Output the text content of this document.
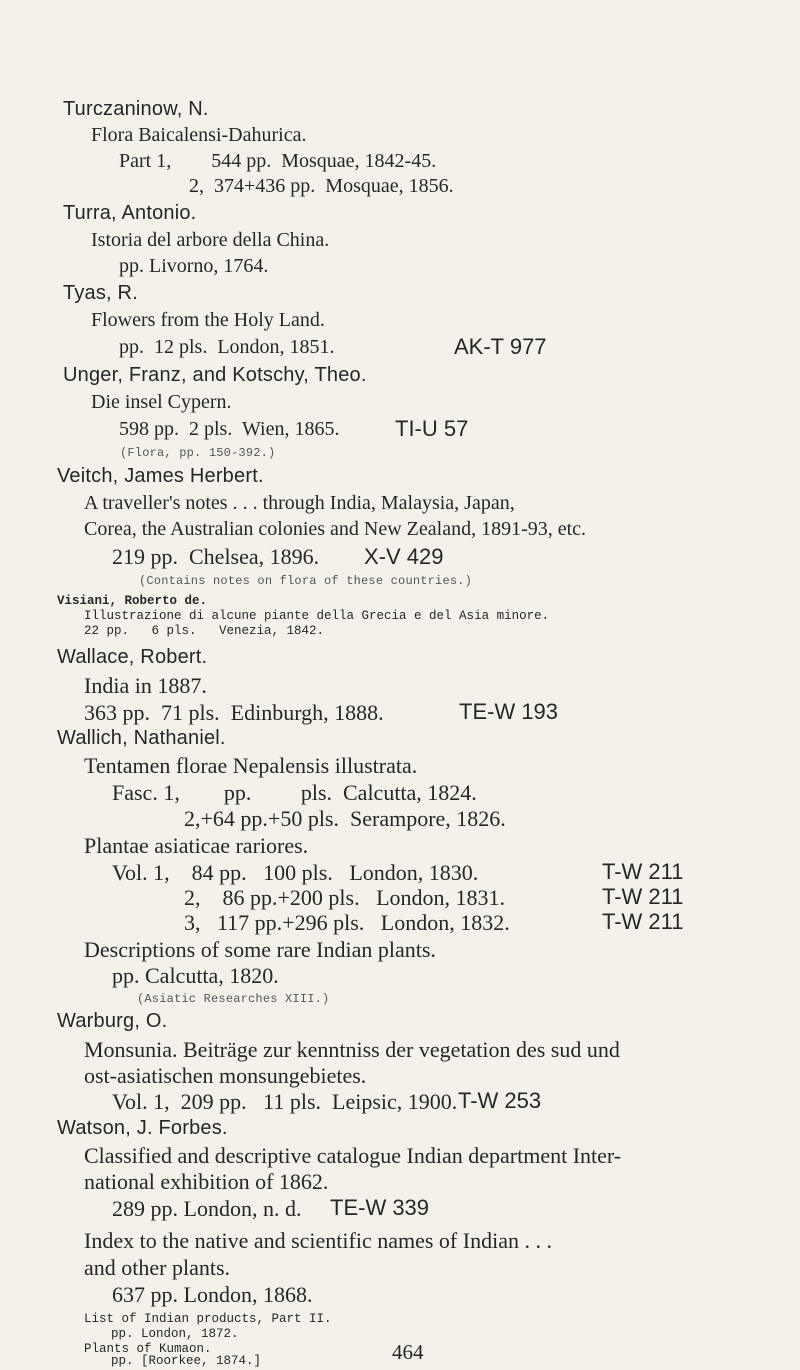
Turczaninow, N.
Flora Baicalensi-Dahurica.
Part 1,        544 pp.  Mosquae, 1842-45.
2,  374+436 pp.  Mosquae, 1856.
Turra, Antonio.
Istoria del arbore della China.
pp. Livorno, 1764.
Tyas, R.
Flowers from the Holy Land.
pp.  12 pls.  London, 1851.	AK-T 977
Unger, Franz, and Kotschy, Theo.
Die insel Cypern.
598 pp.  2 pls.  Wien, 1865.	TI-U 57
(Flora, pp. 150-392.)
Veitch, James Herbert.
A traveller's notes . . . through India, Malaysia, Japan,
Corea, the Australian colonies and New Zealand, 1891-93, etc.
219 pp.  Chelsea, 1896. X-V 429
(Contains notes on flora of these countries.)
Visiani, Roberto de.
Illustrazione di alcune piante della Grecia e del Asia minore.
22 pp.   6 pls.   Venezia, 1842.
Wallace, Robert.
India in 1887.
363 pp.  71 pls.  Edinburgh, 1888.	TE-W 193
Wallich, Nathaniel.
Tentamen florae Nepalensis illustrata.
Fasc. 1,        pp.         pls.  Calcutta, 1824.
2,+64 pp.+50 pls.  Serampore, 1826.
Plantae asiaticae rariores.
Vol. 1,    84 pp.   100 pls.   London, 1830.	T-W 211
2,    86 pp.+200 pls.   London, 1831.	T-W 211
3,   117 pp.+296 pls.   London, 1832.	T-W 211
Descriptions of some rare Indian plants.
pp. Calcutta, 1820.
(Asiatic Researches XIII.)
Warburg, O.
Monsunia. Beiträge zur kenntniss der vegetation des sud und
ost-asiatischen monsungebietes.
Vol. 1,  209 pp.   11 pls.  Leipsic, 1900. T-W 253
Watson, J. Forbes.
Classified and descriptive catalogue Indian department Inter-
national exhibition of 1862.
289 pp. London, n. d. TE-W 339
Index to the native and scientific names of Indian . . .
and other plants.
637 pp. London, 1868.
List of Indian products, Part II.
pp. London, 1872.
Plants of Kumaon.
pp. [Roorkee, 1874.]	464
